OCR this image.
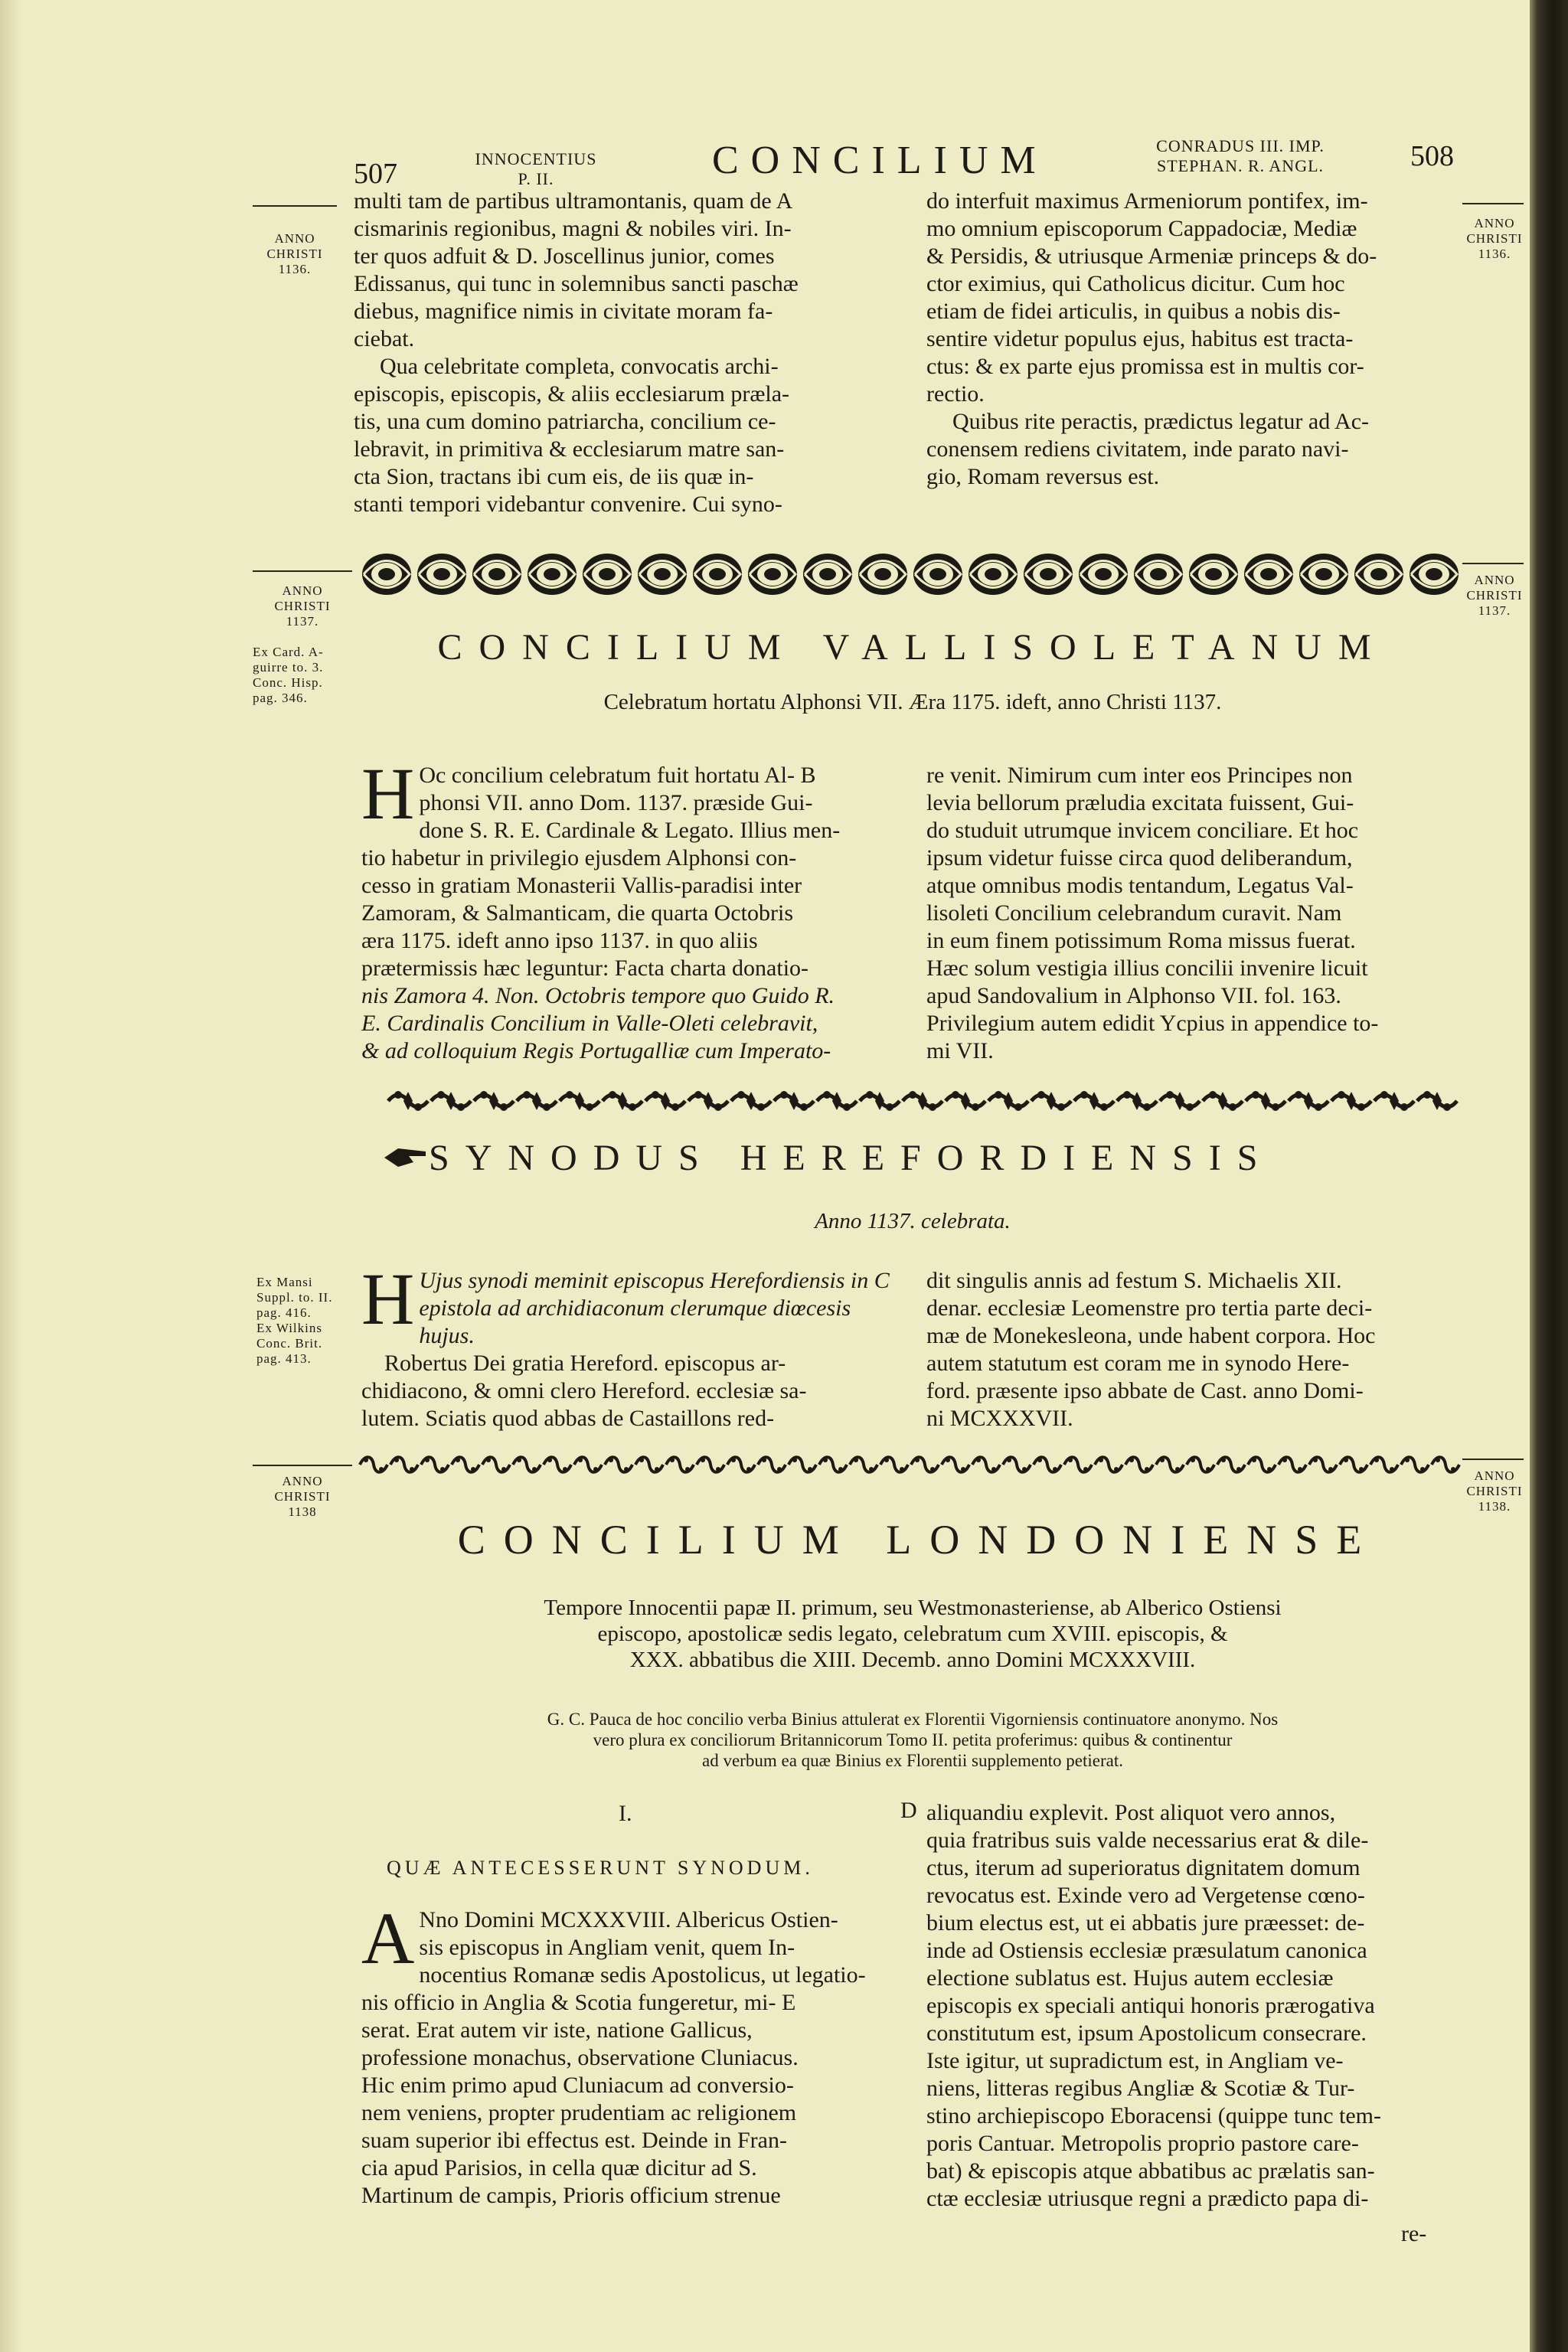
507	INNOCENTIUS
P. II.	CONCILIUM	CONRADUS III. IMP.
STEPHAN. R. ANGL.	508
ANNO
CHRISTI
1136.
ANNO
CHRISTI
1136.
multi tam de partibus ultramontanis, quam de A
cismarinis regionibus, magni & nobiles viri. In-
ter quos adfuit & D. Joscellinus junior, comes
Edissanus, qui tunc in solemnibus sancti paschæ
diebus, magnifice nimis in civitate moram fa-
ciebat.
Qua celebritate completa, convocatis archi-
episcopis, episcopis, & aliis ecclesiarum præla-
tis, una cum domino patriarcha, concilium ce-
lebravit, in primitiva & ecclesiarum matre san-
cta Sion, tractans ibi cum eis, de iis quæ in-
stanti tempori videbantur convenire. Cui syno-
do interfuit maximus Armeniorum pontifex, im-
mo omnium episcoporum Cappadociæ, Mediæ
& Persidis, & utriusque Armeniæ princeps & do-
ctor eximius, qui Catholicus dicitur. Cum hoc
etiam de fidei articulis, in quibus a nobis dis-
sentire videtur populus ejus, habitus est tracta-
ctus: & ex parte ejus promissa est in multis cor-
rectio.
Quibus rite peractis, prædictus legatur ad Ac-
conensem rediens civitatem, inde parato navi-
gio, Romam reversus est.
ANNO
CHRISTI
1137.
Ex Card. A-
guirre to. 3.
Conc. Hisp.
pag. 346.
ANNO
CHRISTI
1137.
CONCILIUM VALLISOLETANUM
Celebratum hortatu Alphonsi VII. Æra 1175. ideft, anno Christi 1137.
H Oc concilium celebratum fuit hortatu Al- B
phonsi VII. anno Dom. 1137. præside Gui-
done S. R. E. Cardinale & Legato. Illius men-
tio habetur in privilegio ejusdem Alphonsi con-
cesso in gratiam Monasterii Vallis-paradisi inter
Zamoram, & Salmanticam, die quarta Octobris
æra 1175. ideft anno ipso 1137. in quo aliis
prætermissis hæc leguntur: Facta charta donatio-
nis Zamora 4. Non. Octobris tempore quo Guido R.
E. Cardinalis Concilium in Valle-Oleti celebravit,
& ad colloquium Regis Portugalliæ cum Imperato-
re venit. Nimirum cum inter eos Principes non
levia bellorum præludia excitata fuissent, Gui-
do studuit utrumque invicem conciliare. Et hoc
ipsum videtur fuisse circa quod deliberandum,
atque omnibus modis tentandum, Legatus Val-
lisoleti Concilium celebrandum curavit. Nam
in eum finem potissimum Roma missus fuerat.
Hæc solum vestigia illius concilii invenire licuit
apud Sandovalium in Alphonso VII. fol. 163.
Privilegium autem edidit Ycpius in appendice to-
mi VII.
SYNODUS HEREFORDIENSIS
Anno 1137. celebrata.
Ex Mansi
Suppl. to. II.
pag. 416.
Ex Wilkins
Conc. Brit.
pag. 413.
H Ujus synodi meminit episcopus Herefordiensis in C
epistola ad archidiaconum clerumque diœcesis
hujus.
Robertus Dei gratia Hereford. episcopus ar-
chidiacono, & omni clero Hereford. ecclesiæ sa-
lutem. Sciatis quod abbas de Castaillons red-
dit singulis annis ad festum S. Michaelis XII.
denar. ecclesiæ Leomenstre pro tertia parte deci-
mæ de Monekesleona, unde habent corpora. Hoc
autem statutum est coram me in synodo Here-
ford. præsente ipso abbate de Cast. anno Domi-
ni MCXXXVII.
ANNO
CHRISTI
1138
ANNO
CHRISTI
1138.
CONCILIUM LONDONIENSE
Tempore Innocentii papæ II. primum, seu Westmonasteriense, ab Alberico Ostiensi
episcopo, apostolicæ sedis legato, celebratum cum XVIII. episcopis, &
XXX. abbatibus die XIII. Decemb. anno Domini MCXXXVIII.
G. C. Pauca de hoc concilio verba Binius attulerat ex Florentii Vigorniensis continuatore anonymo. Nos
vero plura ex conciliorum Britannicorum Tomo II. petita proferimus: quibus & continentur
ad verbum ea quæ Binius ex Florentii supplemento petierat.
I.
QUÆ ANTECESSERUNT SYNODUM.
A Nno Domini MCXXXVIII. Albericus Ostien-
sis episcopus in Angliam venit, quem In-
nocentius Romanæ sedis Apostolicus, ut legatio-
nis officio in Anglia & Scotia fungeretur, mi- E
serat. Erat autem vir iste, natione Gallicus,
professione monachus, observatione Cluniacus.
Hic enim primo apud Cluniacum ad conversio-
nem veniens, propter prudentiam ac religionem
suam superior ibi effectus est. Deinde in Fran-
cia apud Parisios, in cella quæ dicitur ad S.
Martinum de campis, Prioris officium strenue
D aliquandiu explevit. Post aliquot vero annos,
quia fratribus suis valde necessarius erat & dile-
ctus, iterum ad superioratus dignitatem domum
revocatus est. Exinde vero ad Vergetense cœno-
bium electus est, ut ei abbatis jure præesset: de-
inde ad Ostiensis ecclesiæ præsulatum canonica
electione sublatus est. Hujus autem ecclesiæ
episcopis ex speciali antiqui honoris prærogativa
constitutum est, ipsum Apostolicum consecrare.
Iste igitur, ut supradictum est, in Angliam ve-
niens, litteras regibus Angliæ & Scotiæ & Tur-
stino archiepiscopo Eboracensi (quippe tunc tem-
poris Cantuar. Metropolis proprio pastore care-
bat) & episcopis atque abbatibus ac prælatis san-
ctæ ecclesiæ utriusque regni a prædicto papa di-
re-
